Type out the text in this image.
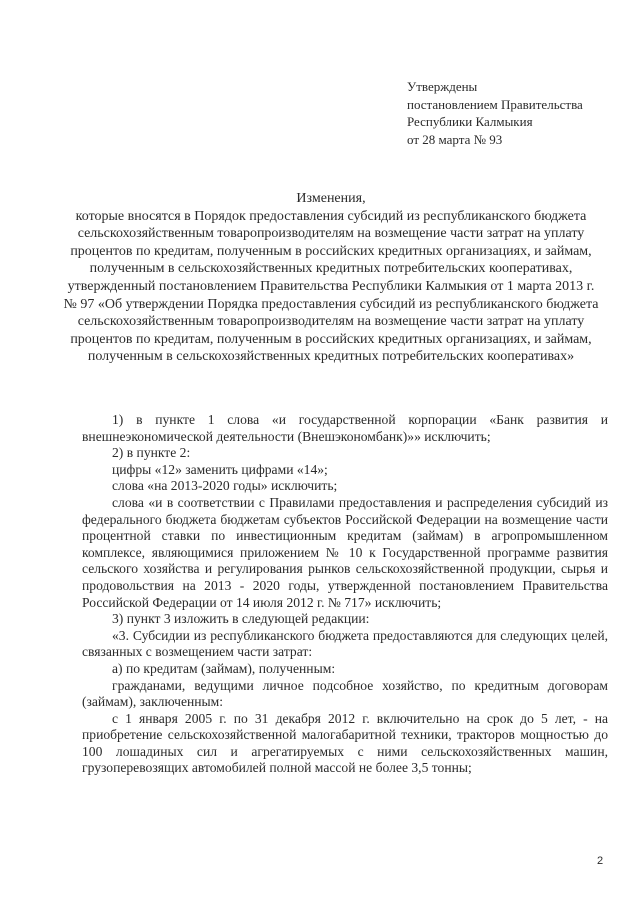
Утверждены
постановлением Правительства
Республики Калмыкия
от 28 марта № 93
Изменения,
которые вносятся в Порядок предоставления субсидий из республиканского бюджета сельскохозяйственным товаропроизводителям на возмещение части затрат на уплату процентов по кредитам, полученным в российских кредитных организациях, и займам, полученным в сельскохозяйственных кредитных потребительских кооперативах, утвержденный постановлением Правительства Республики Калмыкия от 1 марта 2013 г. № 97 «Об утверждении Порядка предоставления субсидий из республиканского бюджета сельскохозяйственным товаропроизводителям на возмещение части затрат на уплату процентов по кредитам, полученным в российских кредитных организациях, и займам, полученным в сельскохозяйственных кредитных потребительских кооперативах»

1) в пункте 1 слова «и государственной корпорации «Банк развития и внешнеэкономической деятельности (Внешэкономбанк)»» исключить;

2) в пункте 2:

цифры «12» заменить цифрами «14»;

слова «на 2013-2020 годы» исключить;

слова «и в соответствии с Правилами предоставления и распределения субсидий из федерального бюджета бюджетам субъектов Российской Федерации на возмещение части процентной ставки по инвестиционным кредитам (займам) в агропромышленном комплексе, являющимися приложением № 10 к Государственной программе развития сельского хозяйства и регулирования рынков сельскохозяйственной продукции, сырья и продовольствия на 2013 - 2020 годы, утвержденной постановлением Правительства Российской Федерации от 14 июля 2012 г. № 717» исключить;

3) пункт 3 изложить в следующей редакции:

«3. Субсидии из республиканского бюджета предоставляются для следующих целей, связанных с возмещением части затрат:

а) по кредитам (займам), полученным:

гражданами, ведущими личное подсобное хозяйство, по кредитным договорам (займам), заключенным:

с 1 января 2005 г. по 31 декабря 2012 г. включительно на срок до 5 лет, - на приобретение сельскохозяйственной малогабаритной техники, тракторов мощностью до 100 лошадиных сил и агрегатируемых с ними сельскохозяйственных машин, грузоперевозящих автомобилей полной массой не более 3,5 тонны;

2
